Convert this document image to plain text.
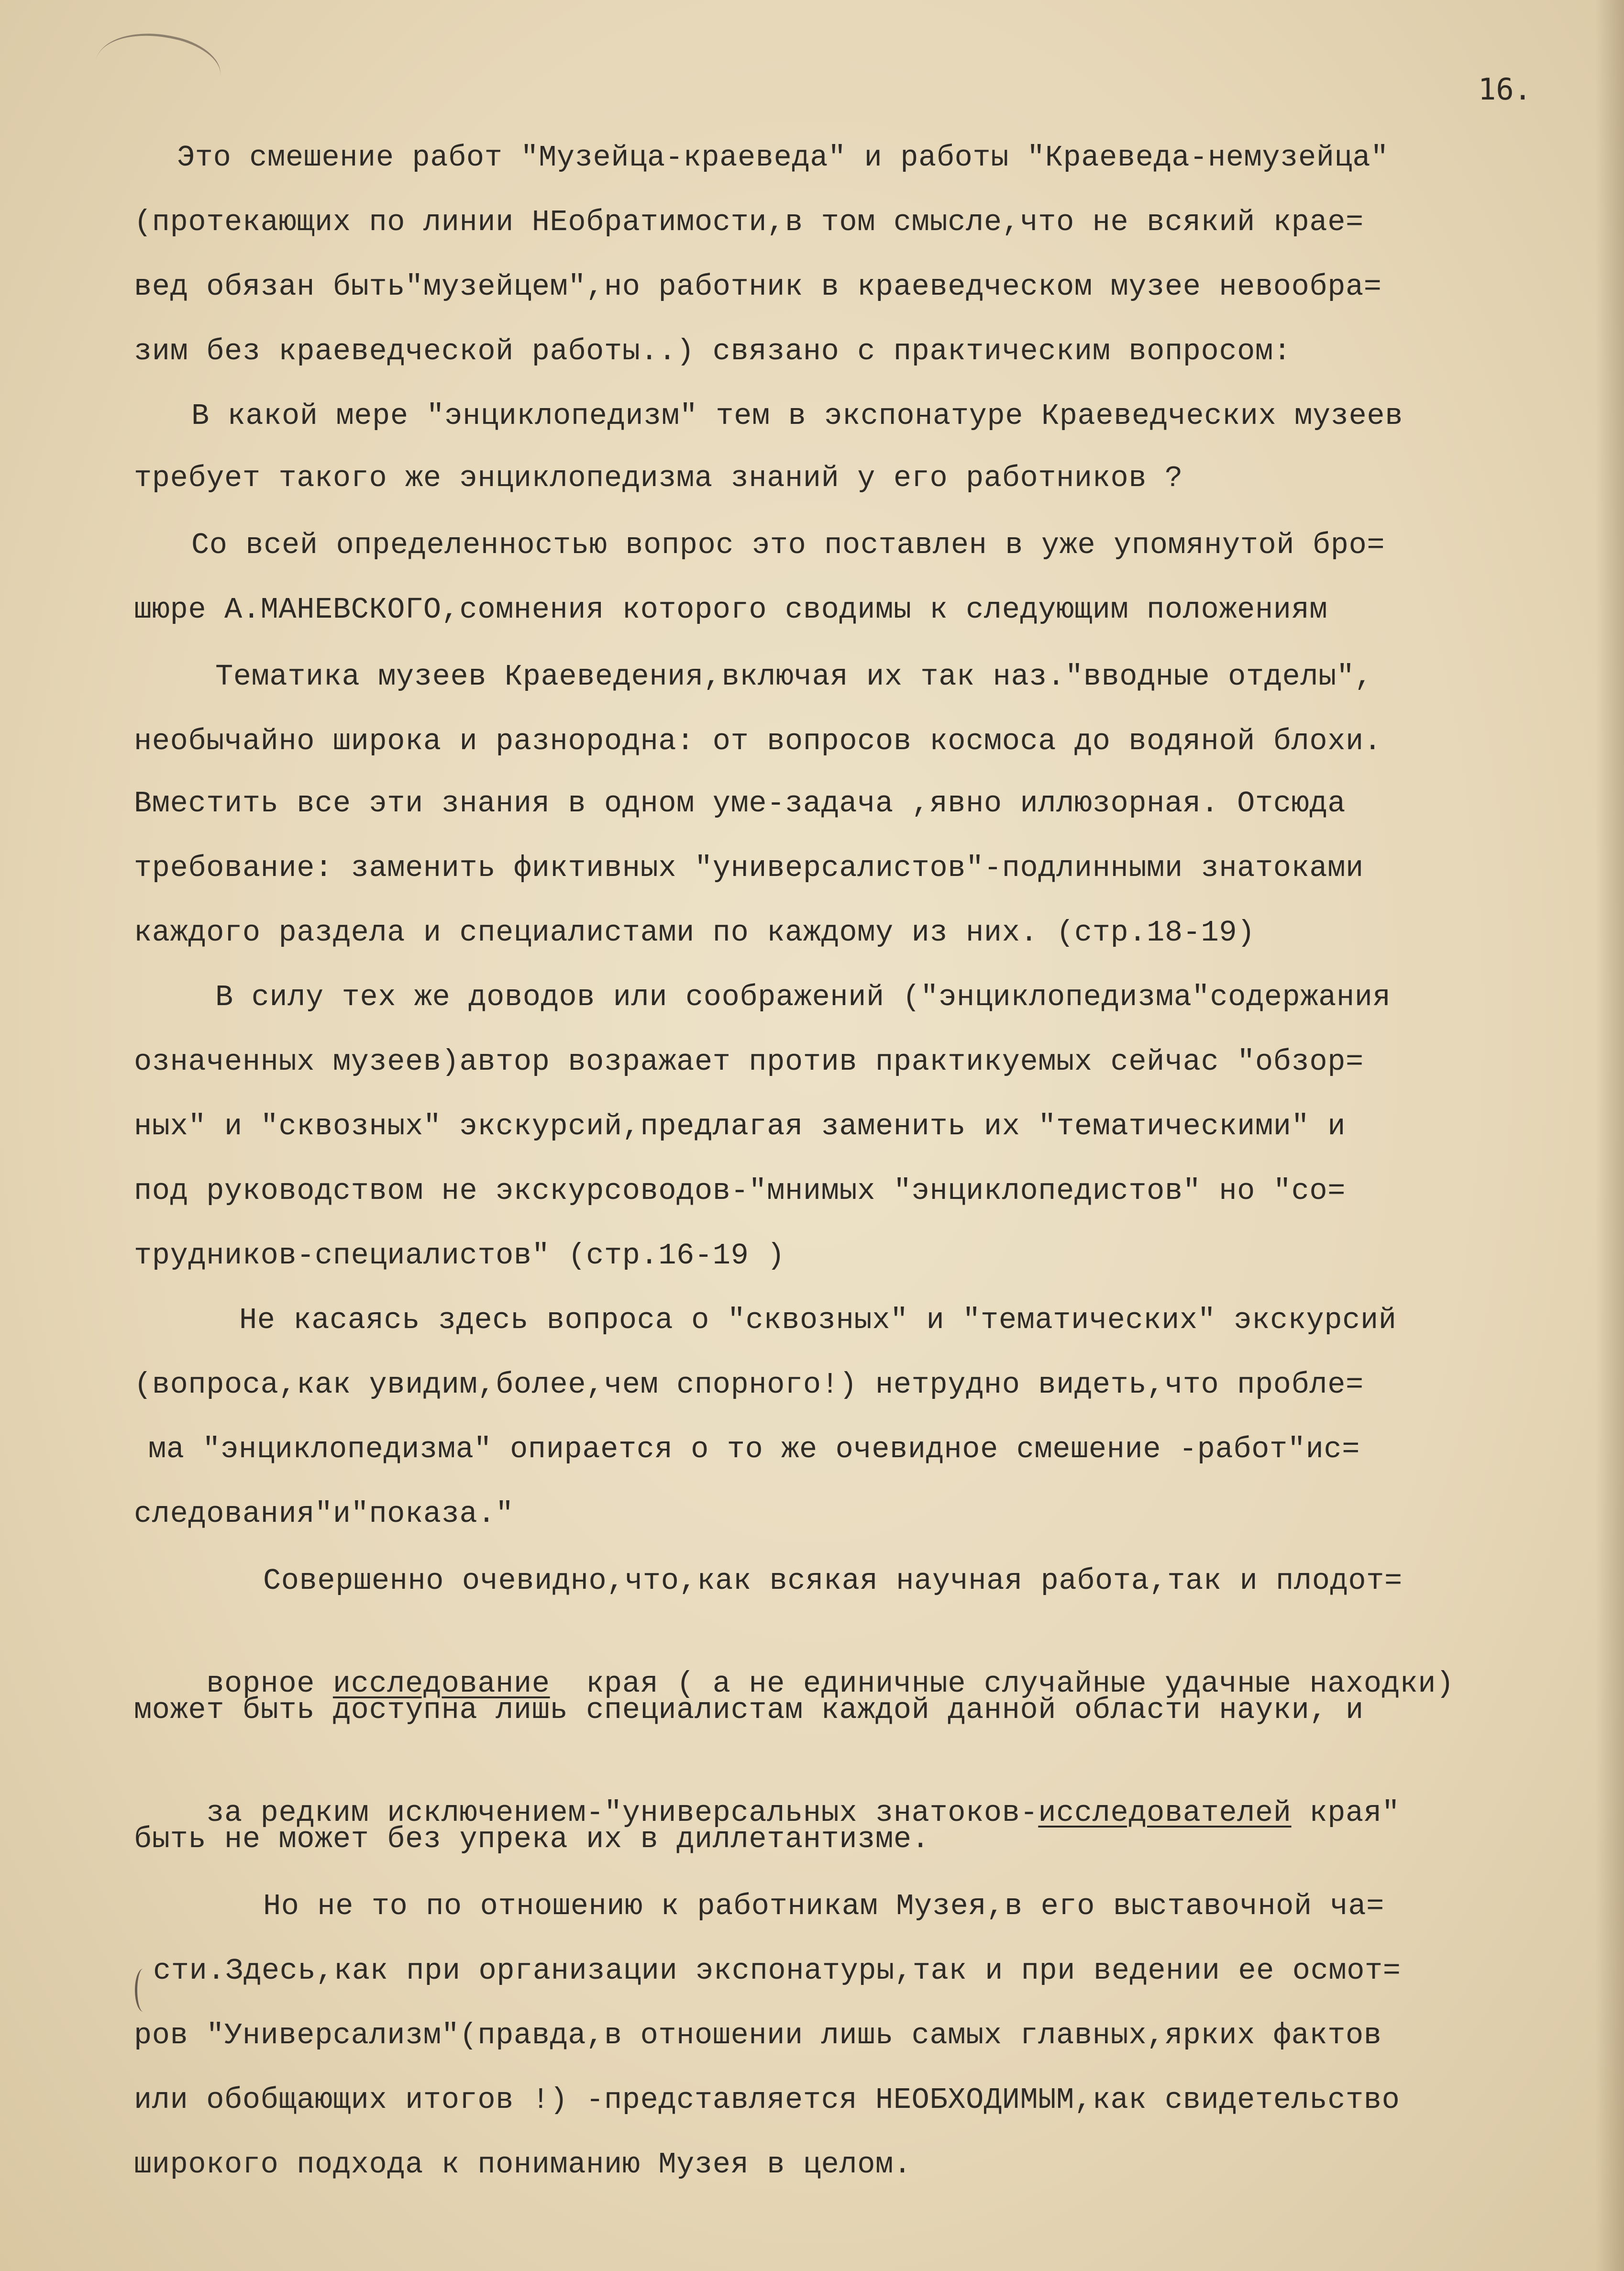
16.
Это смешение работ "Музейца-краеведа" и работы "Краеведа-немузейца"
(протекающих по линии НЕобратимости,в том смысле,что не всякий крае=
вед обязан быть"музейцем",но работник в краеведческом музее невообра=
зим без краеведческой работы..) связано с практическим вопросом:
В какой мере "энциклопедизм" тем в экспонатуре Краеведческих музеев
требует такого же энциклопедизма знаний у его работников ?
Со всей определенностью вопрос это поставлен в уже упомянутой бро=
шюре А.МАНЕВСКОГО,сомнения которого сводимы к следующим положениям
Тематика музеев Краеведения,включая их так наз."вводные отделы",
необычайно широка и разнородна: от вопросов космоса до водяной блохи.
Вместить все эти знания в одном уме-задача ,явно иллюзорная. Отсюда
требование: заменить фиктивных "универсалистов"-подлинными знатоками
каждого раздела и специалистами по каждому из них. (стр.18-19)
В силу тех же доводов или соображений ("энциклопедизма"содержания
означенных музеев)автор возражает против практикуемых сейчас "обзор=
ных" и "сквозных" экскурсий,предлагая заменить их "тематическими" и
под руководством не экскурсоводов-"мнимых "энциклопедистов" но "со=
трудников-специалистов" (стр.16-19 )
Не касаясь здесь вопроса о "сквозных" и "тематических" экскурсий
(вопроса,как увидим,более,чем спорного!) нетрудно видеть,что пробле=
ма "энциклопедизма" опирается о то же очевидное смешение -работ"ис=
следования"и"показа."
Совершенно очевидно,что,как всякая научная работа,так и плодот=

ворное исследование края ( а не единичные случайные удачные находки)

может быть доступна лишь специалистам каждой данной области науки, и

за редким исключением-"универсальных знатоков-исследователей края"

быть не может без упрека их в диллетантизме.
Но не то по отношению к работникам Музея,в его выставочной ча=
сти.Здесь,как при организации экспонатуры,так и при ведении ее осмот=
ров "Универсализм"(правда,в отношении лишь самых главных,ярких фактов
или обобщающих итогов !) -представляется НЕОБХОДИМЫМ,как свидетельство
широкого подхода к пониманию Музея в целом.
